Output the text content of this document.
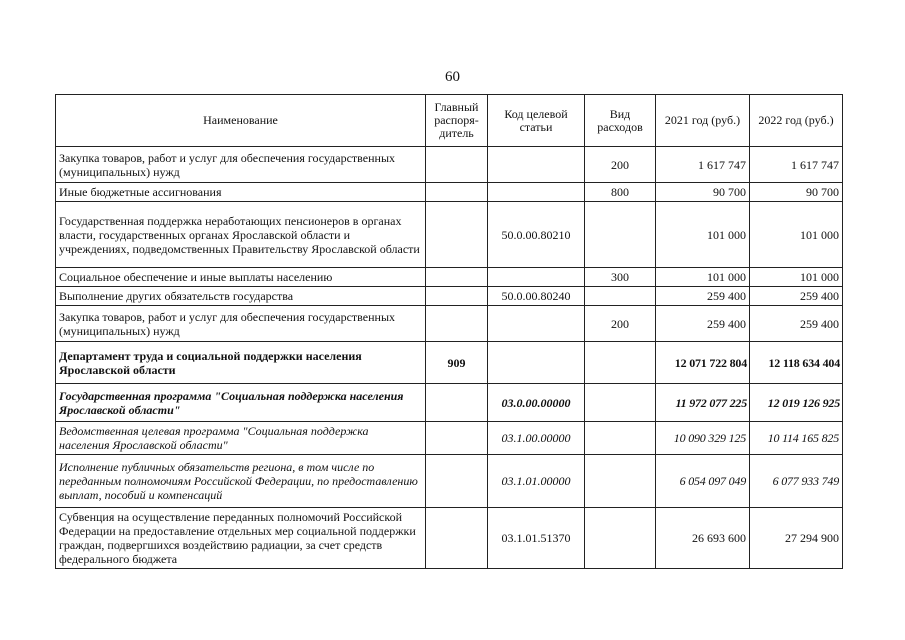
60
Наименование	Главный распоря-дитель	Код целевой статьи	Вид расходов	2021 год (руб.)	2022 год (руб.)
Закупка товаров, работ и услуг для обеспечения государственных (муниципальных) нужд			200	1 617 747	1 617 747
Иные бюджетные ассигнования			800	90 700	90 700
Государственная поддержка неработающих пенсионеров в органах власти, государственных органах Ярославской области и учреждениях, подведомственных Правительству Ярославской области		50.0.00.80210		101 000	101 000
Социальное обеспечение и иные выплаты населению			300	101 000	101 000
Выполнение других обязательств государства		50.0.00.80240		259 400	259 400
Закупка товаров, работ и услуг для обеспечения государственных (муниципальных) нужд			200	259 400	259 400
Департамент труда и социальной поддержки населения Ярославской области	909			12 071 722 804	12 118 634 404
Государственная программа "Социальная поддержка населения Ярославской области"		03.0.00.00000		11 972 077 225	12 019 126 925
Ведомственная целевая программа "Социальная поддержка населения Ярославской области"		03.1.00.00000		10 090 329 125	10 114 165 825
Исполнение публичных обязательств региона, в том числе по переданным полномочиям Российской Федерации, по предоставлению выплат, пособий и компенсаций		03.1.01.00000		6 054 097 049	6 077 933 749
Субвенция на осуществление переданных полномочий Российской Федерации на предоставление отдельных мер социальной поддержки граждан, подвергшихся воздействию радиации, за счет средств федерального бюджета		03.1.01.51370		26 693 600	27 294 900
